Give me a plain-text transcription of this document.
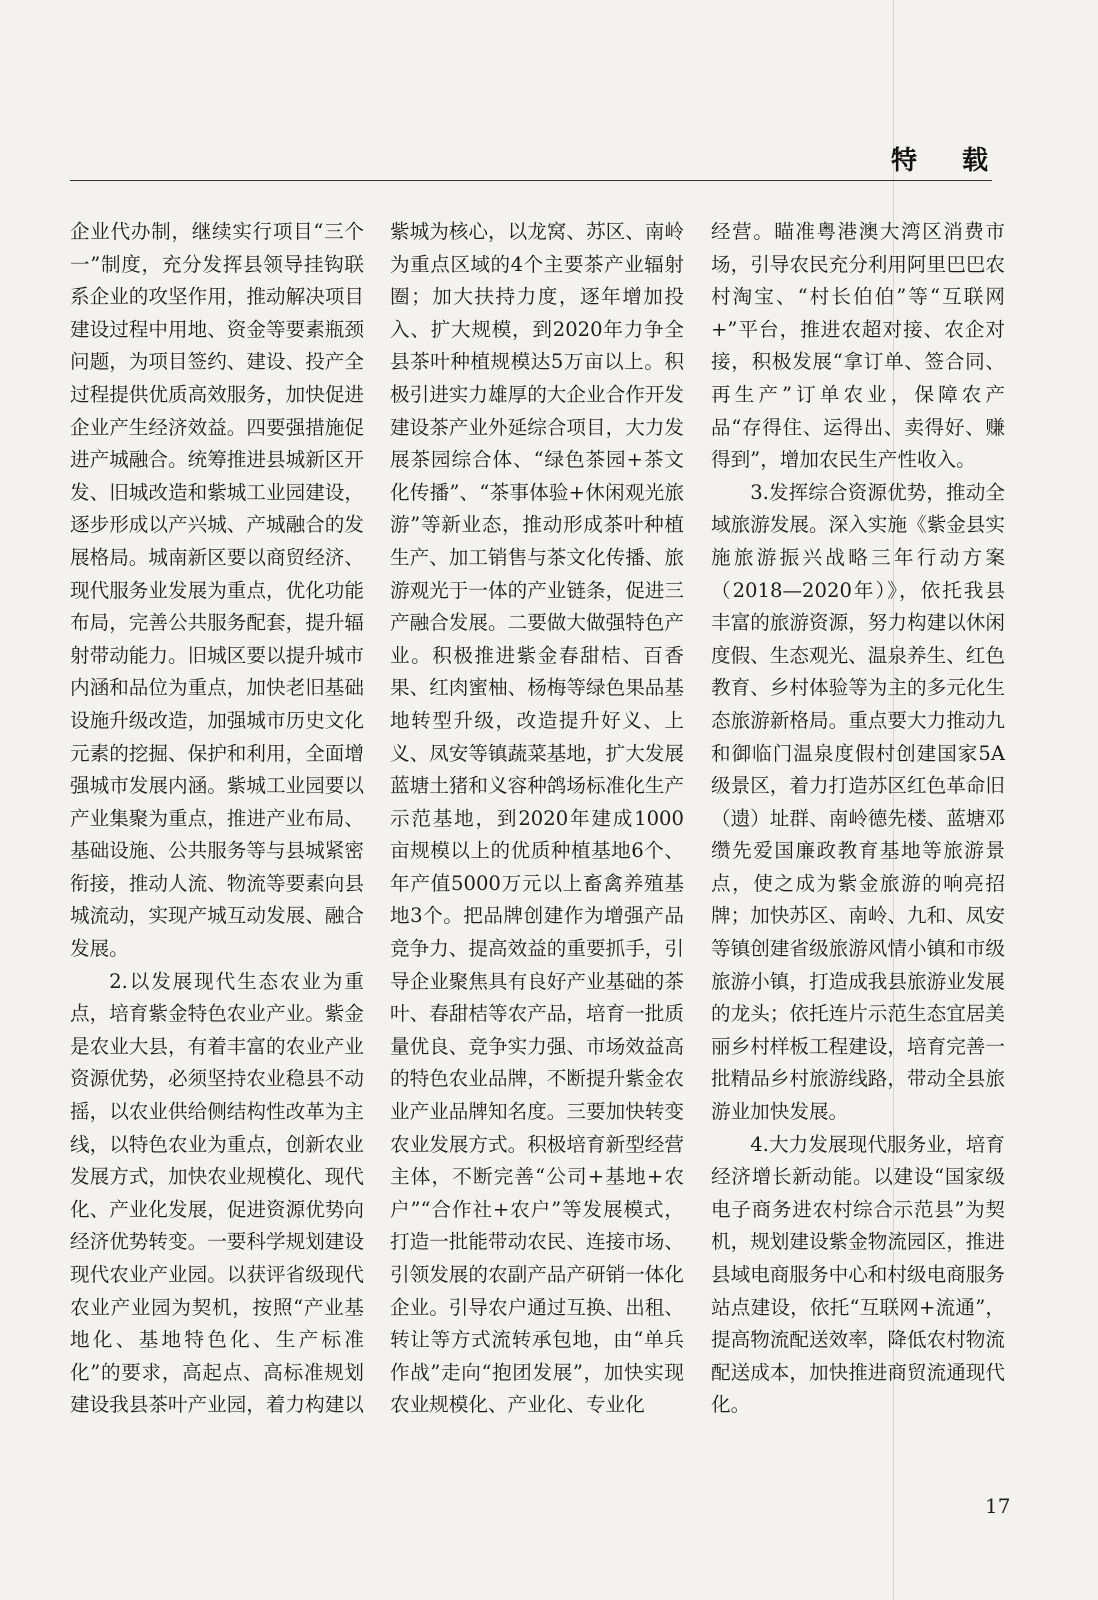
特 载

企业代办制，继续实行项目“三个一”制度，充分发挥县领导挂钩联系企业的攻坚作用，推动解决项目建设过程中用地、资金等要素瓶颈问题，为项目签约、建设、投产全过程提供优质高效服务，加快促进企业产生经济效益。四要强措施促进产城融合。统筹推进县城新区开发、旧城改造和紫城工业园建设，逐步形成以产兴城、产城融合的发展格局。城南新区要以商贸经济、现代服务业发展为重点，优化功能布局，完善公共服务配套，提升辐射带动能力。旧城区要以提升城市内涵和品位为重点，加快老旧基础设施升级改造，加强城市历史文化元素的挖掘、保护和利用，全面增强城市发展内涵。紫城工业园要以产业集聚为重点，推进产业布局、基础设施、公共服务等与县城紧密衔接，推动人流、物流等要素向县城流动，实现产城互动发展、融合发展。

2.以发展现代生态农业为重点，培育紫金特色农业产业。紫金是农业大县，有着丰富的农业产业资源优势，必须坚持农业稳县不动摇，以农业供给侧结构性改革为主线，以特色农业为重点，创新农业发展方式，加快农业规模化、现代化、产业化发展，促进资源优势向经济优势转变。一要科学规划建设现代农业产业园。以获评省级现代农业产业园为契机，按照“产业基地化、基地特色化、生产标准化”的要求，高起点、高标准规划建设我县茶叶产业园，着力构建以

紫城为核心，以龙窝、苏区、南岭为重点区域的4个主要茶产业辐射圈；加大扶持力度，逐年增加投入、扩大规模，到2020年力争全县茶叶种植规模达5万亩以上。积极引进实力雄厚的大企业合作开发建设茶产业外延综合项目，大力发展茶园综合体、“绿色茶园+茶文化传播”、“茶事体验+休闲观光旅游”等新业态，推动形成茶叶种植生产、加工销售与茶文化传播、旅游观光于一体的产业链条，促进三产融合发展。二要做大做强特色产业。积极推进紫金春甜桔、百香果、红肉蜜柚、杨梅等绿色果品基地转型升级，改造提升好义、上义、凤安等镇蔬菜基地，扩大发展蓝塘土猪和义容种鸽场标准化生产示范基地，到2020年建成1000亩规模以上的优质种植基地6个、年产值5000万元以上畜禽养殖基地3个。把品牌创建作为增强产品竞争力、提高效益的重要抓手，引导企业聚焦具有良好产业基础的茶叶、春甜桔等农产品，培育一批质量优良、竞争实力强、市场效益高的特色农业品牌，不断提升紫金农业产业品牌知名度。三要加快转变农业发展方式。积极培育新型经营主体，不断完善“公司+基地+农户”“合作社+农户”等发展模式，打造一批能带动农民、连接市场、引领发展的农副产品产研销一体化企业。引导农户通过互换、出租、转让等方式流转承包地，由“单兵作战”走向“抱团发展”，加快实现农业规模化、产业化、专业化

经营。瞄准粤港澳大湾区消费市场，引导农民充分利用阿里巴巴农村淘宝、“村长伯伯”等“互联网+”平台，推进农超对接、农企对接，积极发展“拿订单、签合同、再生产”订单农业，保障农产品“存得住、运得出、卖得好、赚得到”，增加农民生产性收入。

3.发挥综合资源优势，推动全域旅游发展。深入实施《紫金县实施旅游振兴战略三年行动方案（2018—2020年）》，依托我县丰富的旅游资源，努力构建以休闲度假、生态观光、温泉养生、红色教育、乡村体验等为主的多元化生态旅游新格局。重点要大力推动九和御临门温泉度假村创建国家5A级景区，着力打造苏区红色革命旧（遗）址群、南岭德先楼、蓝塘邓缵先爱国廉政教育基地等旅游景点，使之成为紫金旅游的响亮招牌；加快苏区、南岭、九和、凤安等镇创建省级旅游风情小镇和市级旅游小镇，打造成我县旅游业发展的龙头；依托连片示范生态宜居美丽乡村样板工程建设，培育完善一批精品乡村旅游线路，带动全县旅游业加快发展。

4.大力发展现代服务业，培育经济增长新动能。以建设“国家级电子商务进农村综合示范县”为契机，规划建设紫金物流园区，推进县域电商服务中心和村级电商服务站点建设，依托“互联网+流通”，提高物流配送效率，降低农村物流配送成本，加快推进商贸流通现代化。

17
